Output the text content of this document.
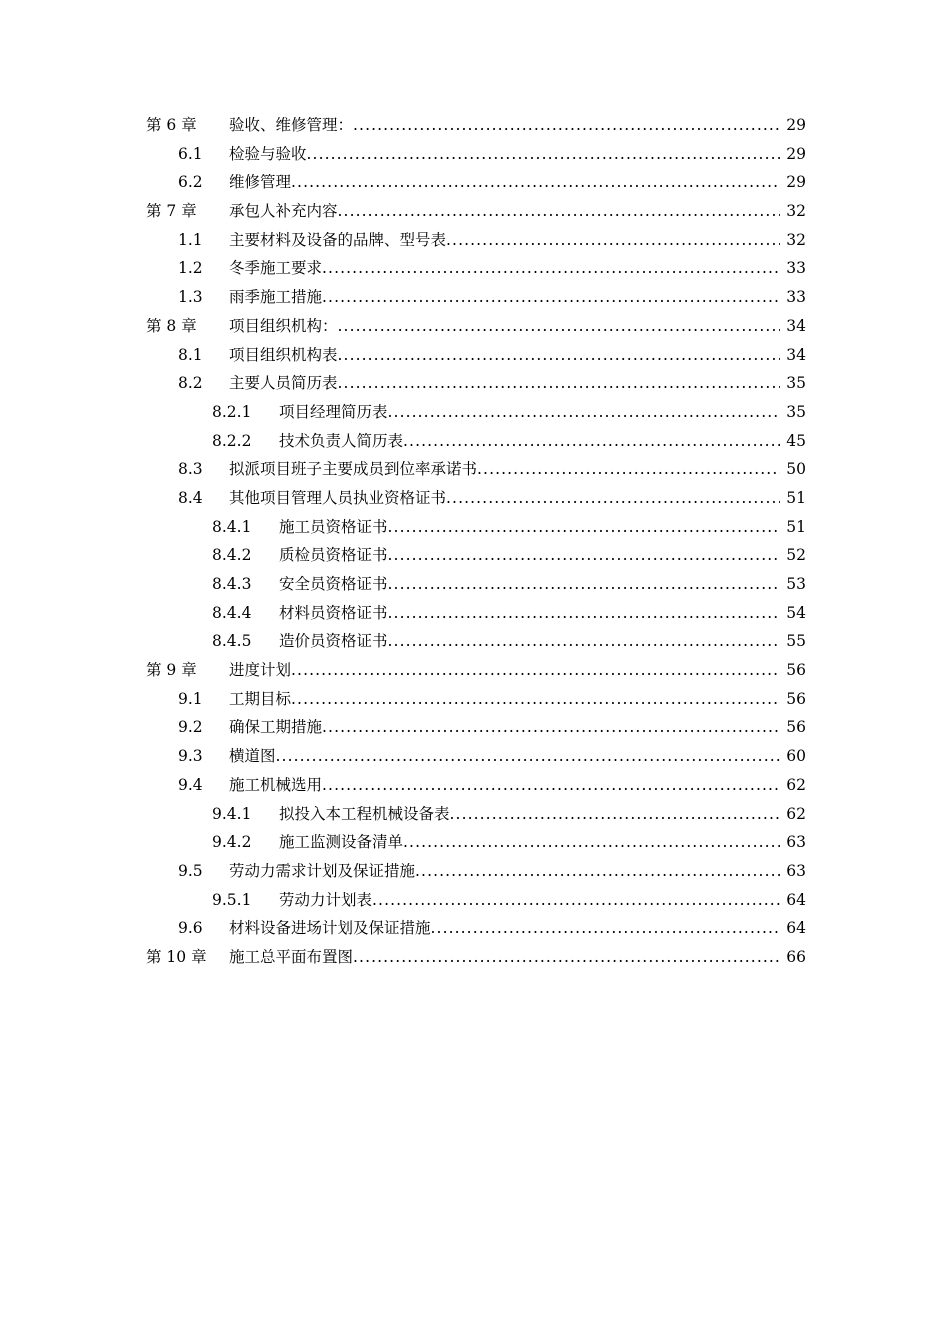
第 6 章 验收、维修管理： .....	29
6.1 检验与验收 .....	29
6.2 维修管理 .....	29
第 7 章 承包人补充内容 .....	32
1.1 主要材料及设备的品牌、型号表 .....	32
1.2 冬季施工要求 .....	33
1.3 雨季施工措施 .....	33
第 8 章 项目组织机构： .....	34
8.1 项目组织机构表 .....	34
8.2 主要人员简历表 .....	35
8.2.1 项目经理简历表 .....	35
8.2.2 技术负责人简历表 .....	45
8.3 拟派项目班子主要成员到位率承诺书 .....	50
8.4 其他项目管理人员执业资格证书 .....	51
8.4.1 施工员资格证书 .....	51
8.4.2 质检员资格证书 .....	52
8.4.3 安全员资格证书 .....	53
8.4.4 材料员资格证书 .....	54
8.4.5 造价员资格证书 .....	55
第 9 章 进度计划 .....	56
9.1 工期目标 .....	56
9.2 确保工期措施 .....	56
9.3 横道图 .....	60
9.4 施工机械选用 .....	62
9.4.1 拟投入本工程机械设备表 .....	62
9.4.2 施工监测设备清单 .....	63
9.5 劳动力需求计划及保证措施 .....	63
9.5.1 劳动力计划表 .....	64
9.6 材料设备进场计划及保证措施 .....	64
第 10 章 施工总平面布置图 .....	66
